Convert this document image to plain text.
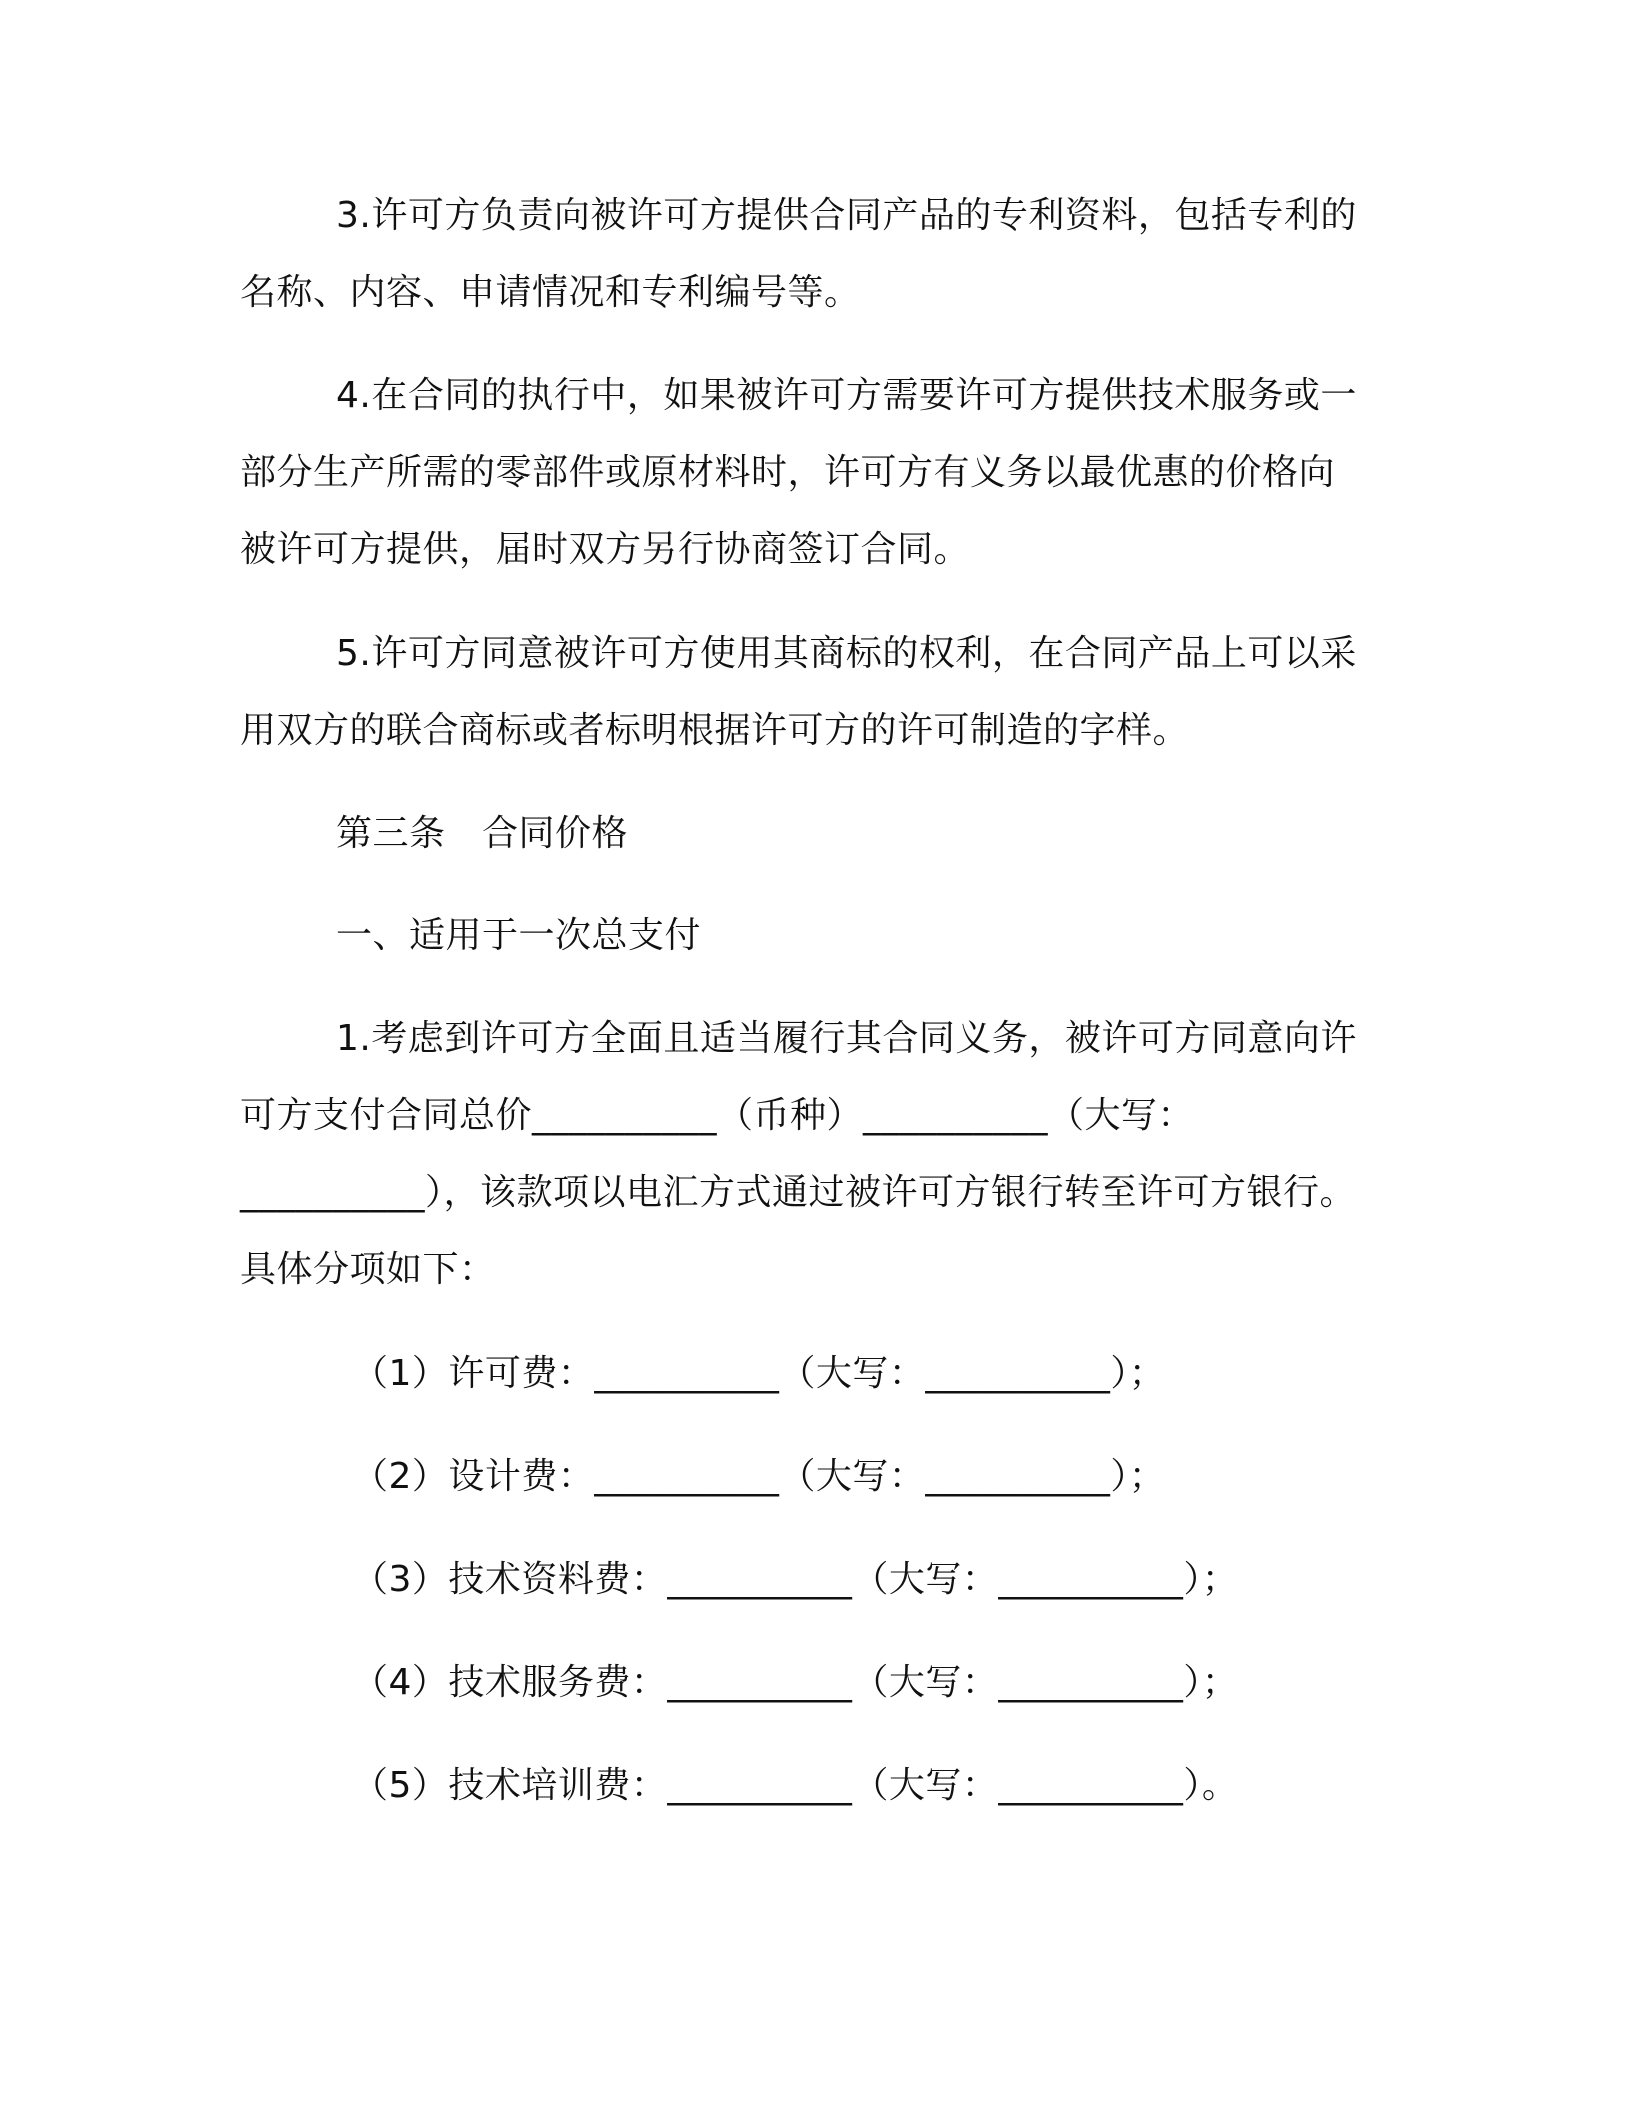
3.许可方负责向被许可方提供合同产品的专利资料，包括专利的
名称、内容、申请情况和专利编号等。
4.在合同的执行中，如果被许可方需要许可方提供技术服务或一
部分生产所需的零部件或原材料时，许可方有义务以最优惠的价格向
被许可方提供，届时双方另行协商签订合同。
5.许可方同意被许可方使用其商标的权利，在合同产品上可以采
用双方的联合商标或者标明根据许可方的许可制造的字样。
第三条　合同价格
一、适用于一次总支付
1.考虑到许可方全面且适当履行其合同义务，被许可方同意向许
可方支付合同总价__________（币种）__________（大写：
__________），该款项以电汇方式通过被许可方银行转至许可方银行。
具体分项如下：
（1）许可费：__________（大写：__________）；
（2）设计费：__________（大写：__________）；
（3）技术资料费：__________（大写：__________）；
（4）技术服务费：__________（大写：__________）；
（5）技术培训费：__________（大写：__________）。
